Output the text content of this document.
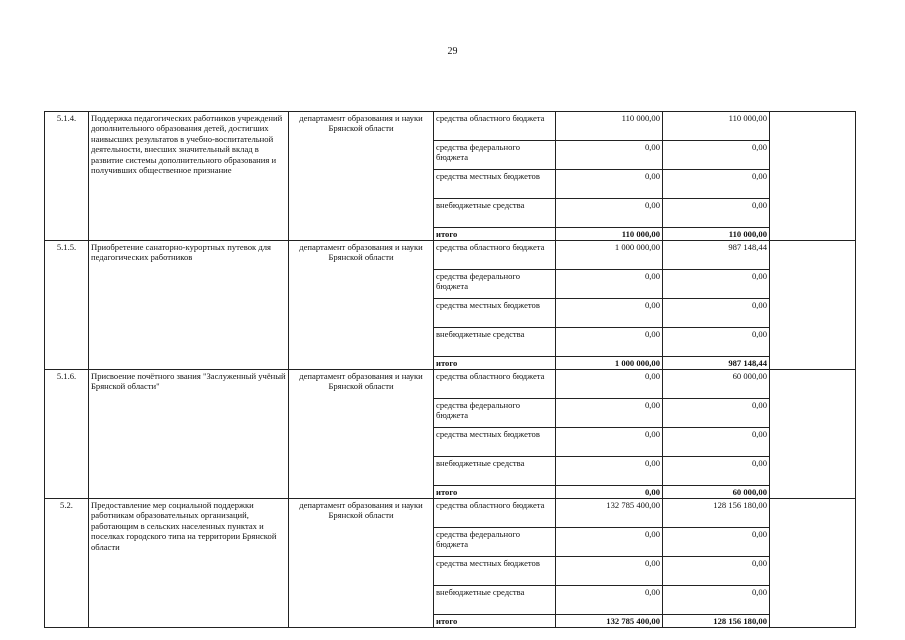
29
5.1.4.	Поддержка педагогических работников учреждений дополнительного образования детей, достигших наивысших результатов в учебно-воспитательной деятельности, внесших значительный вклад в развитие системы дополнительного образования и получивших общественное признание	департамент образования и науки Брянской области	средства областного бюджета	110 000,00	110 000,00	
			средства федерального бюджета	0,00	0,00	
			средства местных бюджетов	0,00	0,00	
			внебюджетные средства	0,00	0,00	
			итого	110 000,00	110 000,00	
5.1.5.	Приобретение санаторно-курортных путевок для педагогических работников	департамент образования и науки Брянской области	средства областного бюджета	1 000 000,00	987 148,44	
			средства федерального бюджета	0,00	0,00	
			средства местных бюджетов	0,00	0,00	
			внебюджетные средства	0,00	0,00	
			итого	1 000 000,00	987 148,44	
5.1.6.	Присвоение почётного звания "Заслуженный учёный Брянской области"	департамент образования и науки Брянской области	средства областного бюджета	0,00	60 000,00	
			средства федерального бюджета	0,00	0,00	
			средства местных бюджетов	0,00	0,00	
			внебюджетные средства	0,00	0,00	
			итого	0,00	60 000,00	
5.2.	Предоставление мер социальной поддержки работникам образовательных организаций, работающим в сельских населенных пунктах и поселках городского типа на территории Брянской области	департамент образования и науки Брянской области	средства областного бюджета	132 785 400,00	128 156 180,00	
			средства федерального бюджета	0,00	0,00	
			средства местных бюджетов	0,00	0,00	
			внебюджетные средства	0,00	0,00	
			итого	132 785 400,00	128 156 180,00	
